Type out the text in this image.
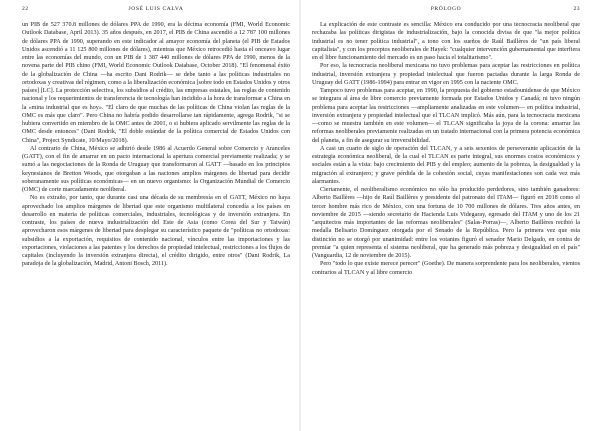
22	JOSÉ LUIS CALVA

un PIB de 527 370.8 millones de dólares PPA de 1990, era la décima economía (FMI, World Economic Outlook Database, April 2013). 35 años después, en 2017, el PIB de China ascendió a 12 787 100 millones de dólares PPA de 1990, superando en este indicador al amayor economía del planeta (el PIB de Estados Unidos ascendió a 11 125 800 millones de dólares), mientras que México retrocedió hasta el onceavo lugar entre las economías del mundo, con un PIB de 1 387 440 millones de dólares PPA de 1990, menos de la novena parte del PIB chino (FMI, World Economic Outlook Database, October 2018). "El fenomenal éxito de la globalización de China —ha escrito Dani Rodrik— se debe tanto a las políticas industriales no ortodoxas y creativas del régimen, como a la liberalización económica [sobre todo en Estados Unidos y otros países] [LC]. La protección selectiva, los subsidios al crédito, las empresas estatales, las reglas de contenido nacional y los requerimientos de transferencia de tecnología han incidido a la hora de transformar a China en la «mina industrial que es hoy». "El claro de que muchas de las políticas de China violan las reglas de la OMC es más que claro". Pero China no habría podido desarrollarse tan rápidamente, agrega Rodrik, "si se hubiera convertido en miembro de la OMC antes de 2001, o si hubiera aplicado servilmente las reglas de la OMC desde entonces" (Dani Rodrik, "El doble estándar de la política comercial de Estados Unidos con China", Project Syndicate, 10/Mayo/2018).

Al contrario de China, México se adhirió desde 1986 al Acuerdo General sobre Comercio y Aranceles (GATT), con el fin de amarrar en un pacto internacional la apertura comercial previamente realizada; y se sumó a las negociaciones de la Ronda de Uruguay que transformaron al GATT —basado en los principios keynesianos de Bretton Woods, que otorgaban a las naciones amplios márgenes de libertad para decidir soberanamente sus políticas económicas— en un nuevo organismo: la Organización Mundial de Comercio (OMC) de corte marcadamente neoliberal.

No es extraño, por tanto, que durante casi una década de su membresía en el GATT, México no haya aprovechado los amplios márgenes de libertad que este organismo multilateral concedía a los países en desarrollo en materia de políticas comerciales, industriales, tecnológicas y de inversión extranjera. En contraste, los países de nueva industrialización del Este de Asia (como Corea del Sur y Taiwán) aprovecharon esos márgenes de libertad para desplegar su característico paquete de "políticas no ortodoxas: subsidios a la exportación, requisitos de contenido nacional, vínculos entre las importaciones y las exportaciones, violaciones a las patentes y los derechos de propiedad intelectual, restricciones a los flujos de capitales (incluyendo la inversión extranjera directa), el crédito dirigido, entre otros" (Dani Rodrik, La paradoja de la globalización, Madrid, Antoni Bosch, 2011).

PRÓLOGO	23

La explicación de este contraste es sencilla: México era conducido por una tecnocracia neoliberal que rechazaba las políticas dirigistas de industrialización, bajo la conocida divisa de que "la mejor política industrial es no tener política industrial", a tono con los sueños de Raúl Baillères de "un país liberal capitalista", y con los preceptos neoliberales de Hayek: "cualquier intervención gubernamental que interfiera en el libre funcionamiento del mercado es un paso hacia el totalitarismo".

Por eso, la tecnocracia neoliberal mexicana no tuvo problemas para aceptar las restricciones en política industrial, inversión extranjera y propiedad intelectual que fueron pactadas durante la larga Ronda de Uruguay del GATT (1986-1994) para entrar en vigor en 1995 con la naciente OMC.

Tampoco tuvo problemas para aceptar, en 1990, la propuesta del gobierno estadounidense de que México se integrara al área de libre comercio previamente formada por Estados Unidos y Canadá; ni tuvo ningún problema para aceptar las restricciones —ampliamente analizadas en este volumen— en política industrial, inversión extranjera y propiedad intelectual que el TLCAN implicó. Más aún, para la tecnocracia mexicana —como se muestra también en este volumen— el TLCAN significaba la joya de la corona: amarrar las reformas neoliberales previamente realizadas en un tratado internacional con la primera potencia económica del planeta, a fin de asegurar su irreversibilidad.

A casi un cuarto de siglo de operación del TLCAN, y a seis sexenios de perseverante aplicación de la estrategia económica neoliberal, de la cual el TLCAN es parte integral, sus enormes costos económicos y sociales están a la vista: bajo crecimiento del PIB y del empleo; aumento de la pobreza, la desigualdad y la migración al extranjero; y grave pérdida de la cohesión social, cuyas manifestaciones son cada vez más alarmantes.

Ciertamente, el neoliberalismo económico no sólo ha producido perdedores, sino también ganadores: Alberto Baillères —hijo de Raúl Baillères y presidente del patronato del ITAM— figuró en 2018 como el tercer hombre más rico de México, con una fortuna de 10 700 millones de dólares. Tres años antes, en noviembre de 2015 —siendo secretario de Hacienda Luis Videgaray, egresado del ITAM y uno de los 21 "arquitectos más importantes de las reformas neoliberales" (Salas-Porras)—, Alberto Baillères recibió la medalla Belisario Domínguez otorgada por el Senado de la República. Pero la primera vez que esta distinción no se otorgó por unanimidad: entre los votantes figuró el senador Mario Delgado, en contra de premiar "a quien representa el sistema neoliberal, que ha generado más pobreza y desigualdad en el país" (Vanguardia, 12 de noviembre de 2015).

Pero "todo lo que existe merece perecer" (Goethe). De manera sorprendente para los neoliberales, vientos contrarios al TLCAN y al libre comercio
